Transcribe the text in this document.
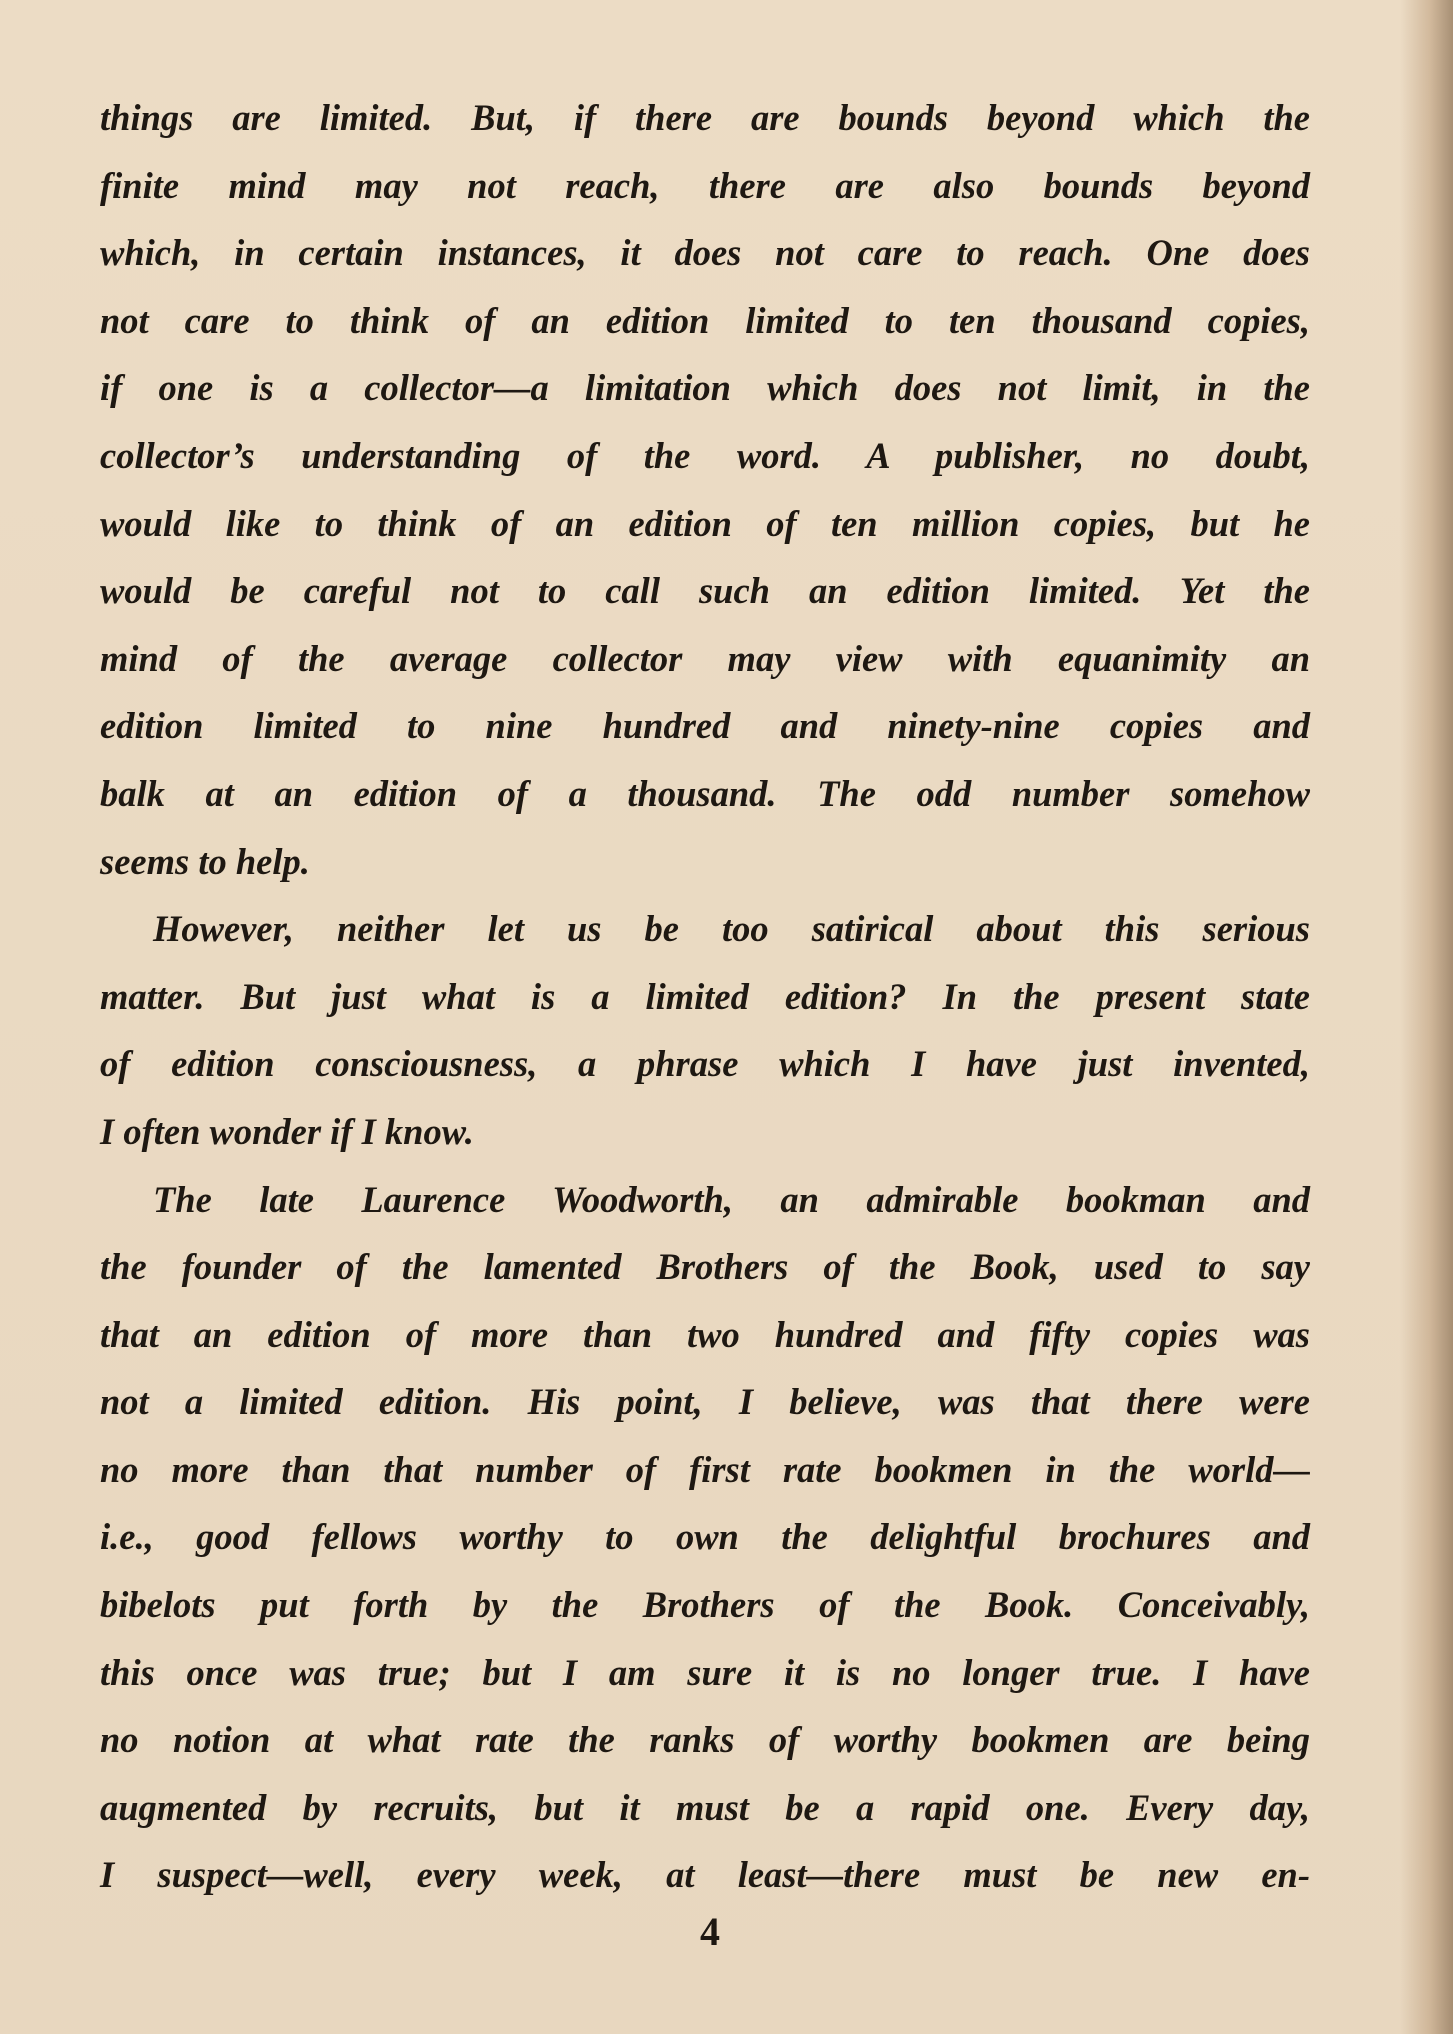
things are limited. But, if there are bounds beyond which the
finite mind may not reach, there are also bounds beyond
which, in certain instances, it does not care to reach. One does
not care to think of an edition limited to ten thousand copies,
if one is a collector—a limitation which does not limit, in the
collector’s understanding of the word. A publisher, no doubt,
would like to think of an edition of ten million copies, but he
would be careful not to call such an edition limited. Yet the
mind of the average collector may view with equanimity an
edition limited to nine hundred and ninety-nine copies and
balk at an edition of a thousand. The odd number somehow
seems to help.
However, neither let us be too satirical about this serious
matter. But just what is a limited edition? In the present state
of edition consciousness, a phrase which I have just invented,
I often wonder if I know.
The late Laurence Woodworth, an admirable bookman and
the founder of the lamented Brothers of the Book, used to say
that an edition of more than two hundred and fifty copies was
not a limited edition. His point, I believe, was that there were
no more than that number of first rate bookmen in the world—
i.e., good fellows worthy to own the delightful brochures and
bibelots put forth by the Brothers of the Book. Conceivably,
this once was true; but I am sure it is no longer true. I have
no notion at what rate the ranks of worthy bookmen are being
augmented by recruits, but it must be a rapid one. Every day,
I suspect—well, every week, at least—there must be new en-
4
